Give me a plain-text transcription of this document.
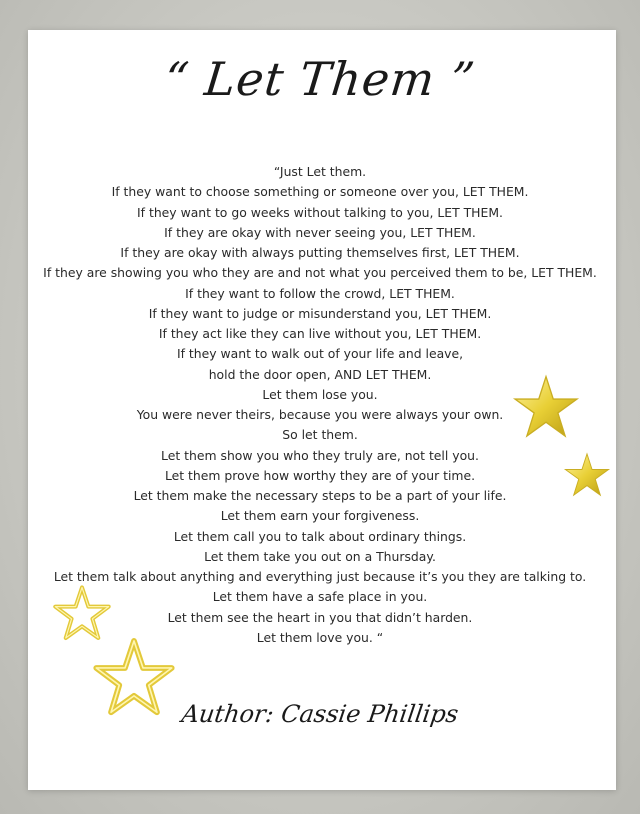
“ Let Them ”
“Just Let them.
If they want to choose something or someone over you, LET THEM.
If they want to go weeks without talking to you, LET THEM.
If they are okay with never seeing you, LET THEM.
If they are okay with always putting themselves first, LET THEM.
If they are showing you who they are and not what you perceived them to be, LET THEM.
If they want to follow the crowd, LET THEM.
If they want to judge or misunderstand you, LET THEM.
If they act like they can live without you, LET THEM.
If they want to walk out of your life and leave,
hold the door open, AND LET THEM.
Let them lose you.
You were never theirs, because you were always your own.
So let them.
Let them show you who they truly are, not tell you.
Let them prove how worthy they are of your time.
Let them make the necessary steps to be a part of your life.
Let them earn your forgiveness.
Let them call you to talk about ordinary things.
Let them take you out on a Thursday.
Let them talk about anything and everything just because it’s you they are talking to.
Let them have a safe place in you.
Let them see the heart in you that didn’t harden.
Let them love you. “
Author: Cassie Phillips
